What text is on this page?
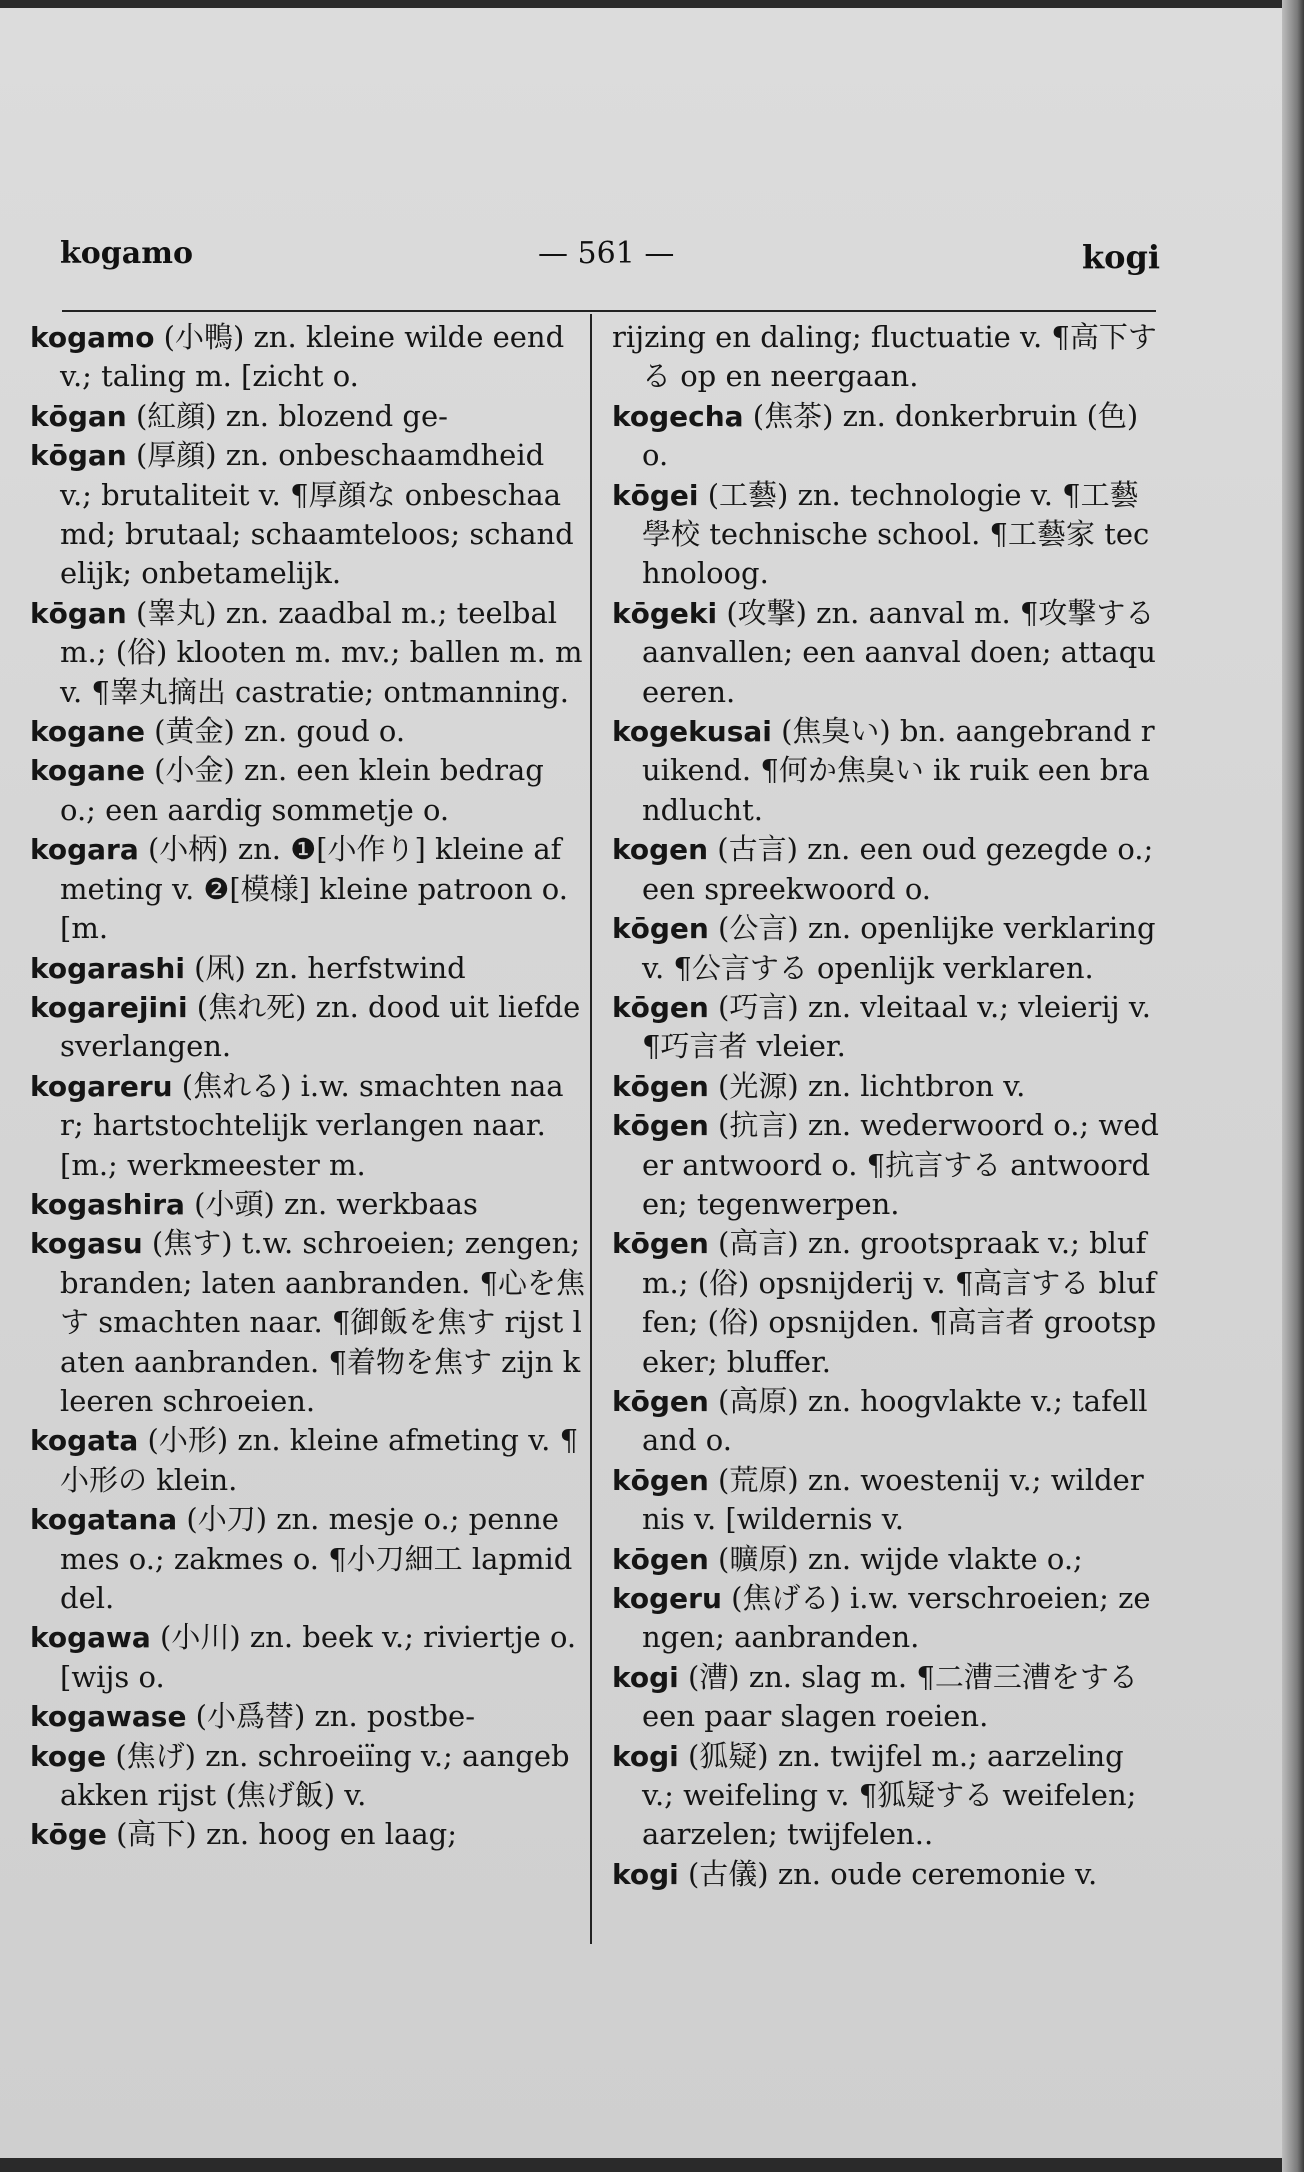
kogamo	— 561 —	kogi

kogamo (小鴨) zn. kleine wilde eend v.; taling m. [zicht o.

kōgan (紅顔) zn. blozend ge-

kōgan (厚顔) zn. onbeschaamdheid v.; brutaliteit v. ¶厚顔な onbeschaamd; brutaal; schaamteloos; schandelijk; onbetamelijk.

kōgan (睾丸) zn. zaadbal m.; teelbal m.; (俗) klooten m. mv.; ballen m. mv. ¶睾丸摘出 castratie; ontmanning.

kogane (黄金) zn. goud o.

kogane (小金) zn. een klein bedrag o.; een aardig sommetje o.

kogara (小柄) zn. ❶[小作り] kleine afmeting v. ❷[模様] kleine patroon o. [m.

kogarashi (凩) zn. herfstwind

kogarejini (焦れ死) zn. dood uit liefdesverlangen.

kogareru (焦れる) i.w. smachten naar; hartstochtelijk verlangen naar. [m.; werkmeester m.

kogashira (小頭) zn. werkbaas

kogasu (焦す) t.w. schroeien; zengen; branden; laten aanbranden. ¶心を焦す smachten naar. ¶御飯を焦す rijst laten aanbranden. ¶着物を焦す zijn kleeren schroeien.

kogata (小形) zn. kleine afmeting v. ¶小形の klein.

kogatana (小刀) zn. mesje o.; pennemes o.; zakmes o. ¶小刀細工 lapmiddel.

kogawa (小川) zn. beek v.; riviertje o. [wijs o.

kogawase (小爲替) zn. postbe-

koge (焦げ) zn. schroeiïng v.; aangebakken rijst (焦げ飯) v.

kōge (高下) zn. hoog en laag;

rijzing en daling; fluctuatie v. ¶高下する op en neergaan.

kogecha (焦茶) zn. donkerbruin (色) o.

kōgei (工藝) zn. technologie v. ¶工藝學校 technische school. ¶工藝家 technoloog.

kōgeki (攻撃) zn. aanval m. ¶攻撃する aanvallen; een aanval doen; attaqueeren.

kogekusai (焦臭い) bn. aangebrand ruikend. ¶何か焦臭い ik ruik een brandlucht.

kogen (古言) zn. een oud gezegde o.; een spreekwoord o.

kōgen (公言) zn. openlijke verklaring v. ¶公言する openlijk verklaren.

kōgen (巧言) zn. vleitaal v.; vleierij v. ¶巧言者 vleier.

kōgen (光源) zn. lichtbron v.

kōgen (抗言) zn. wederwoord o.; weder antwoord o. ¶抗言する antwoorden; tegenwerpen.

kōgen (高言) zn. grootspraak v.; bluf m.; (俗) opsnijderij v. ¶高言する bluffen; (俗) opsnijden. ¶高言者 grootspeker; bluffer.

kōgen (高原) zn. hoogvlakte v.; tafelland o.

kōgen (荒原) zn. woestenij v.; wildernis v. [wildernis v.

kōgen (曠原) zn. wijde vlakte o.;

kogeru (焦げる) i.w. verschroeien; zengen; aanbranden.

kogi (漕) zn. slag m. ¶二漕三漕をする een paar slagen roeien.

kogi (狐疑) zn. twijfel m.; aarzeling v.; weifeling v. ¶狐疑する weifelen; aarzelen; twijfelen..

kogi (古儀) zn. oude ceremonie v.
